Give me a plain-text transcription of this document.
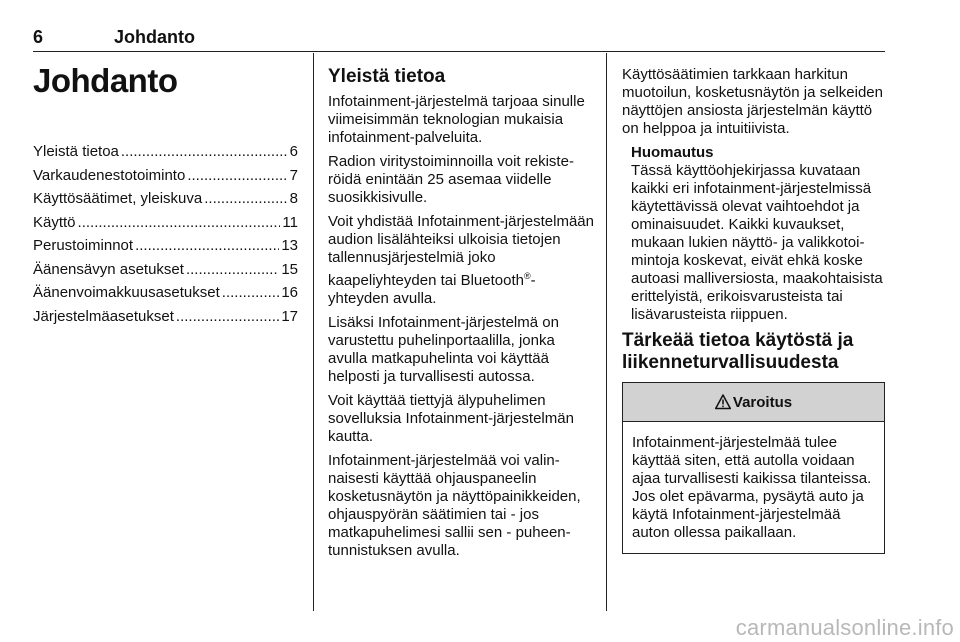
6	Johdanto
Johdanto
Yleistä tietoa .....	6
Varkaudenestotoiminto .....	7
Käyttösäätimet, yleiskuva .....	8
Käyttö .....	11
Perustoiminnot .....	13
Äänensävyn asetukset .....	15
Äänenvoimakkuusasetukset .....	16
Järjestelmäasetukset .....	17
Yleistä tietoa

Infotainment-järjestelmä tarjoaa sinulle viimeisimmän teknologian mukaisia infotainment-palveluita.

Radion viritystoiminnoilla voit rekisteröidä enintään 25 asemaa viidelle suosikkisivulle.

Voit yhdistää Infotainment-järjestelmään audion lisälähteiksi ulkoisia tietojen tallennusjärjestelmiä joko kaapeliyhteyden tai Bluetooth®-yhteyden avulla.

Lisäksi Infotainment-järjestelmä on varustettu puhelinportaalilla, jonka avulla matkapuhelinta voi käyttää helposti ja turvallisesti autossa.

Voit käyttää tiettyjä älypuhelimen sovelluksia Infotainment-järjestelmän kautta.

Infotainment-järjestelmää voi valinnaisesti käyttää ohjauspaneelin kosketusnäytön ja näyttöpainikkeiden, ohjauspyörän säätimien tai - jos matkapuhelimesi sallii sen - puheentunnistuksen avulla.

Käyttösäätimien tarkkaan harkitun muotoilun, kosketusnäytön ja selkeiden näyttöjen ansiosta järjestelmän käyttö on helppoa ja intuitiivista.

Huomautus

Tässä käyttöohjekirjassa kuvataan kaikki eri infotainment-järjestelmissä käytettävissä olevat vaihtoehdot ja ominaisuudet. Kaikki kuvaukset, mukaan lukien näyttö- ja valikkotoimintoja koskevat, eivät ehkä koske autoasi malliversiosta, maakohtaisista erittelyistä, erikoisvarusteista tai lisävarusteista riippuen.

Tärkeää tietoa käytöstä ja liikenneturvallisuudesta
Varoitus
Infotainment-järjestelmää tulee käyttää siten, että autolla voidaan ajaa turvallisesti kaikissa tilanteissa. Jos olet epävarma, pysäytä auto ja käytä Infotainment-järjestelmää auton ollessa paikallaan.
carmanualsonline.info
